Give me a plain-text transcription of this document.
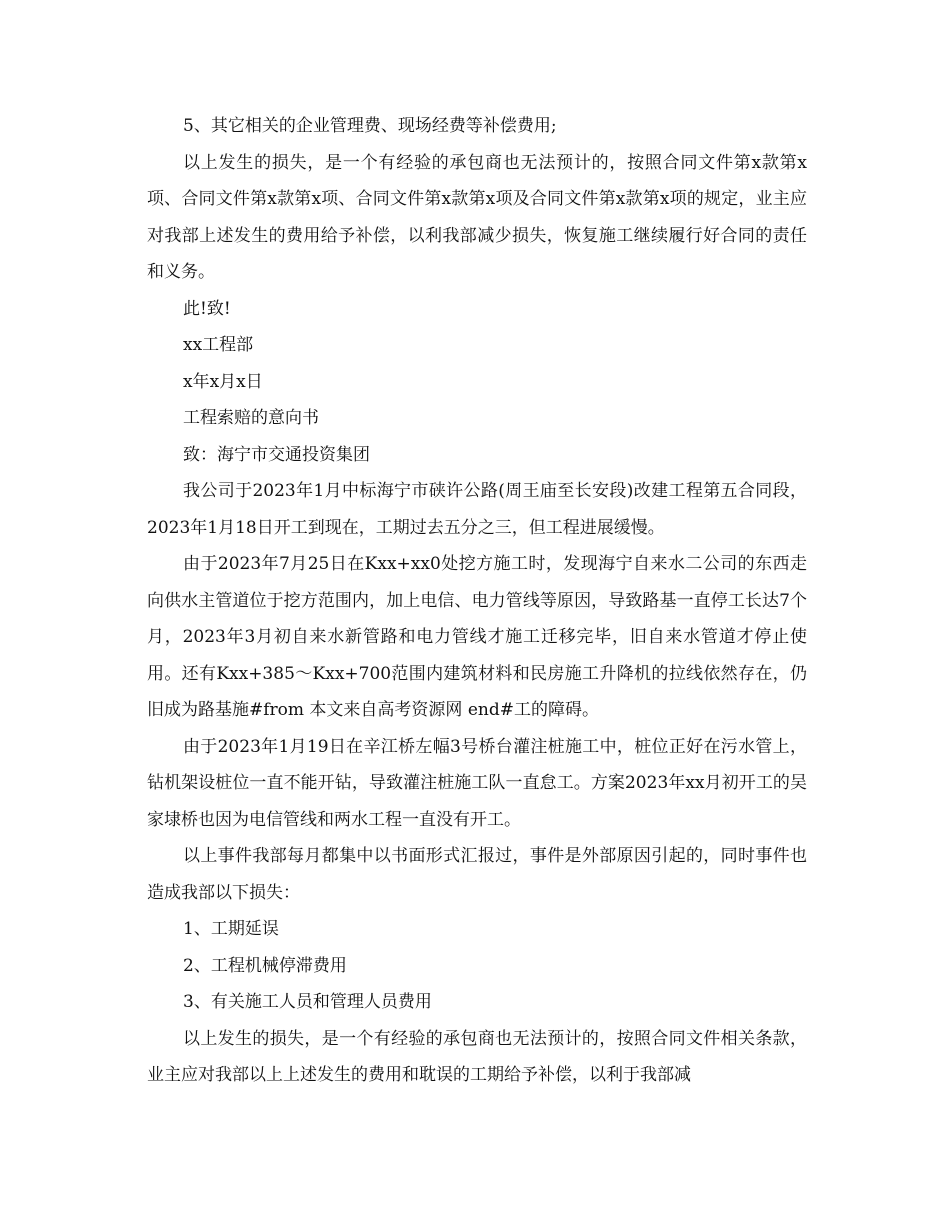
5、其它相关的企业管理费、现场经费等补偿费用;

以上发生的损失，是一个有经验的承包商也无法预计的，按照合同文件第x款第x项、合同文件第x款第x项、合同文件第x款第x项及合同文件第x款第x项的规定，业主应对我部上述发生的费用给予补偿，以利我部减少损失，恢复施工继续履行好合同的责任和义务。

此!致!

xx工程部

x年x月x日

工程索赔的意向书

致：海宁市交通投资集团

我公司于2023年1月中标海宁市硖许公路(周王庙至长安段)改建工程第五合同段，2023年1月18日开工到现在，工期过去五分之三，但工程进展缓慢。

由于2023年7月25日在Kxx+xx0处挖方施工时，发现海宁自来水二公司的东西走向供水主管道位于挖方范围内，加上电信、电力管线等原因，导致路基一直停工长达7个月，2023年3月初自来水新管路和电力管线才施工迁移完毕，旧自来水管道才停止使用。还有Kxx+385～Kxx+700范围内建筑材料和民房施工升降机的拉线依然存在，仍旧成为路基施#from 本文来自高考资源网 end#工的障碍。

由于2023年1月19日在辛江桥左幅3号桥台灌注桩施工中，桩位正好在污水管上，钻机架设桩位一直不能开钻，导致灌注桩施工队一直怠工。方案2023年xx月初开工的吴家埭桥也因为电信管线和两水工程一直没有开工。

以上事件我部每月都集中以书面形式汇报过，事件是外部原因引起的，同时事件也造成我部以下损失：

1、工期延误

2、工程机械停滞费用

3、有关施工人员和管理人员费用

以上发生的损失，是一个有经验的承包商也无法预计的，按照合同文件相关条款，业主应对我部以上上述发生的费用和耽误的工期给予补偿，以利于我部减
